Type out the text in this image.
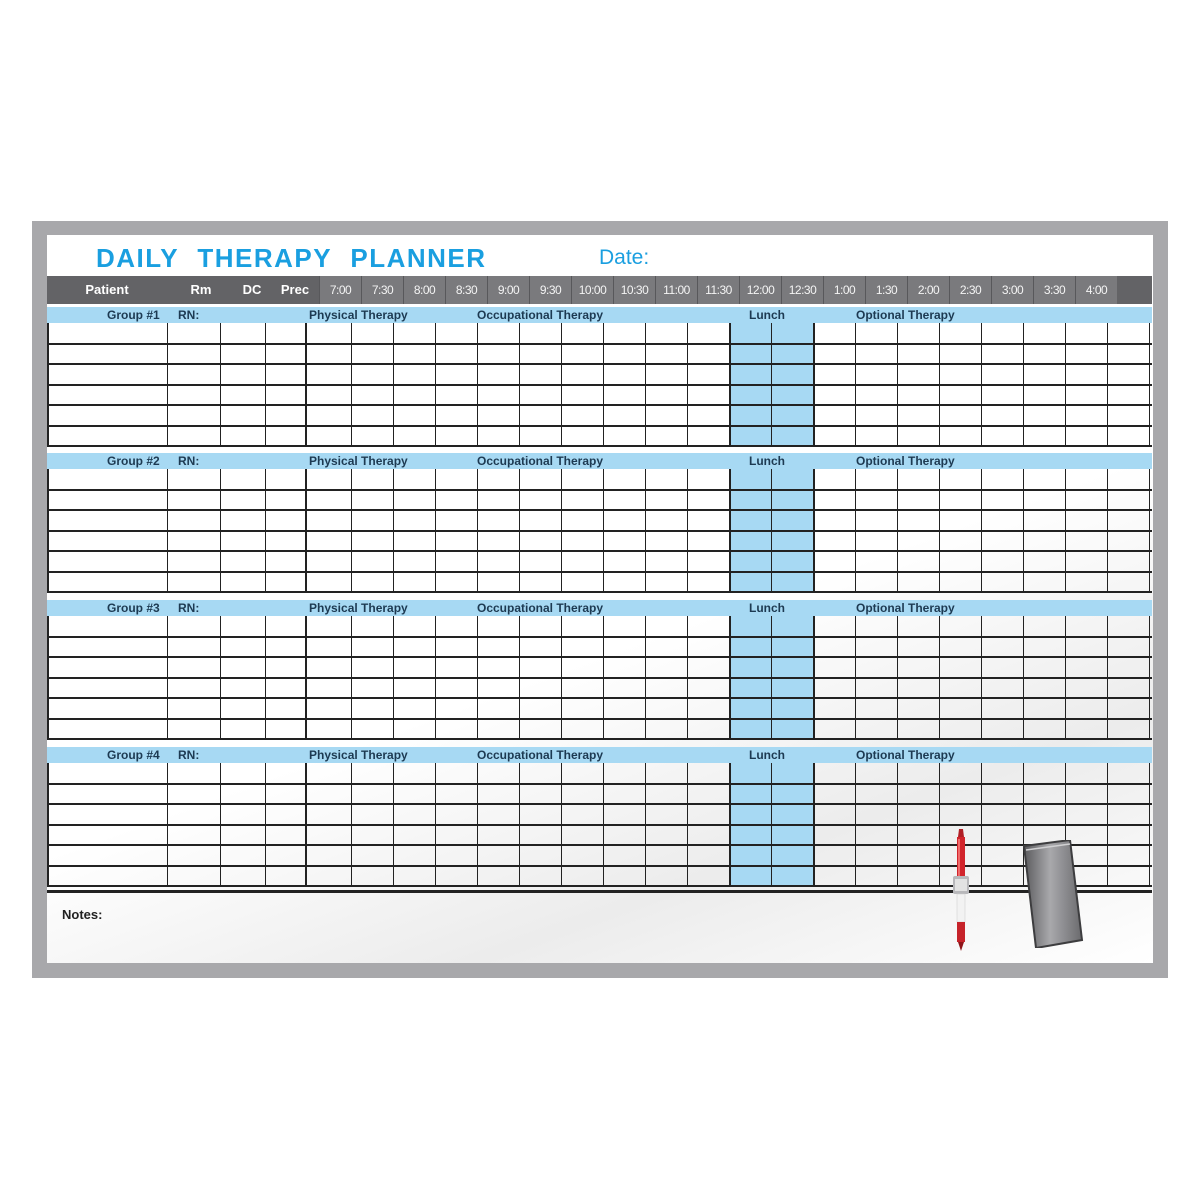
DAILY THERAPY PLANNER	Date:
Patient	Rm	DC	Prec	7:00	7:30	8:00	8:30	9:00	9:30	10:00	10:30	11:00	11:30	12:00	12:30	1:00	1:30	2:00	2:30	3:00	3:30	4:00
Group #1 RN:	Physical Therapy	Occupational Therapy	Lunch	Optional Therapy
Group #2 RN:	Physical Therapy	Occupational Therapy	Lunch	Optional Therapy
Group #3 RN:	Physical Therapy	Occupational Therapy	Lunch	Optional Therapy
Group #4 RN:	Physical Therapy	Occupational Therapy	Lunch	Optional Therapy
Notes:
